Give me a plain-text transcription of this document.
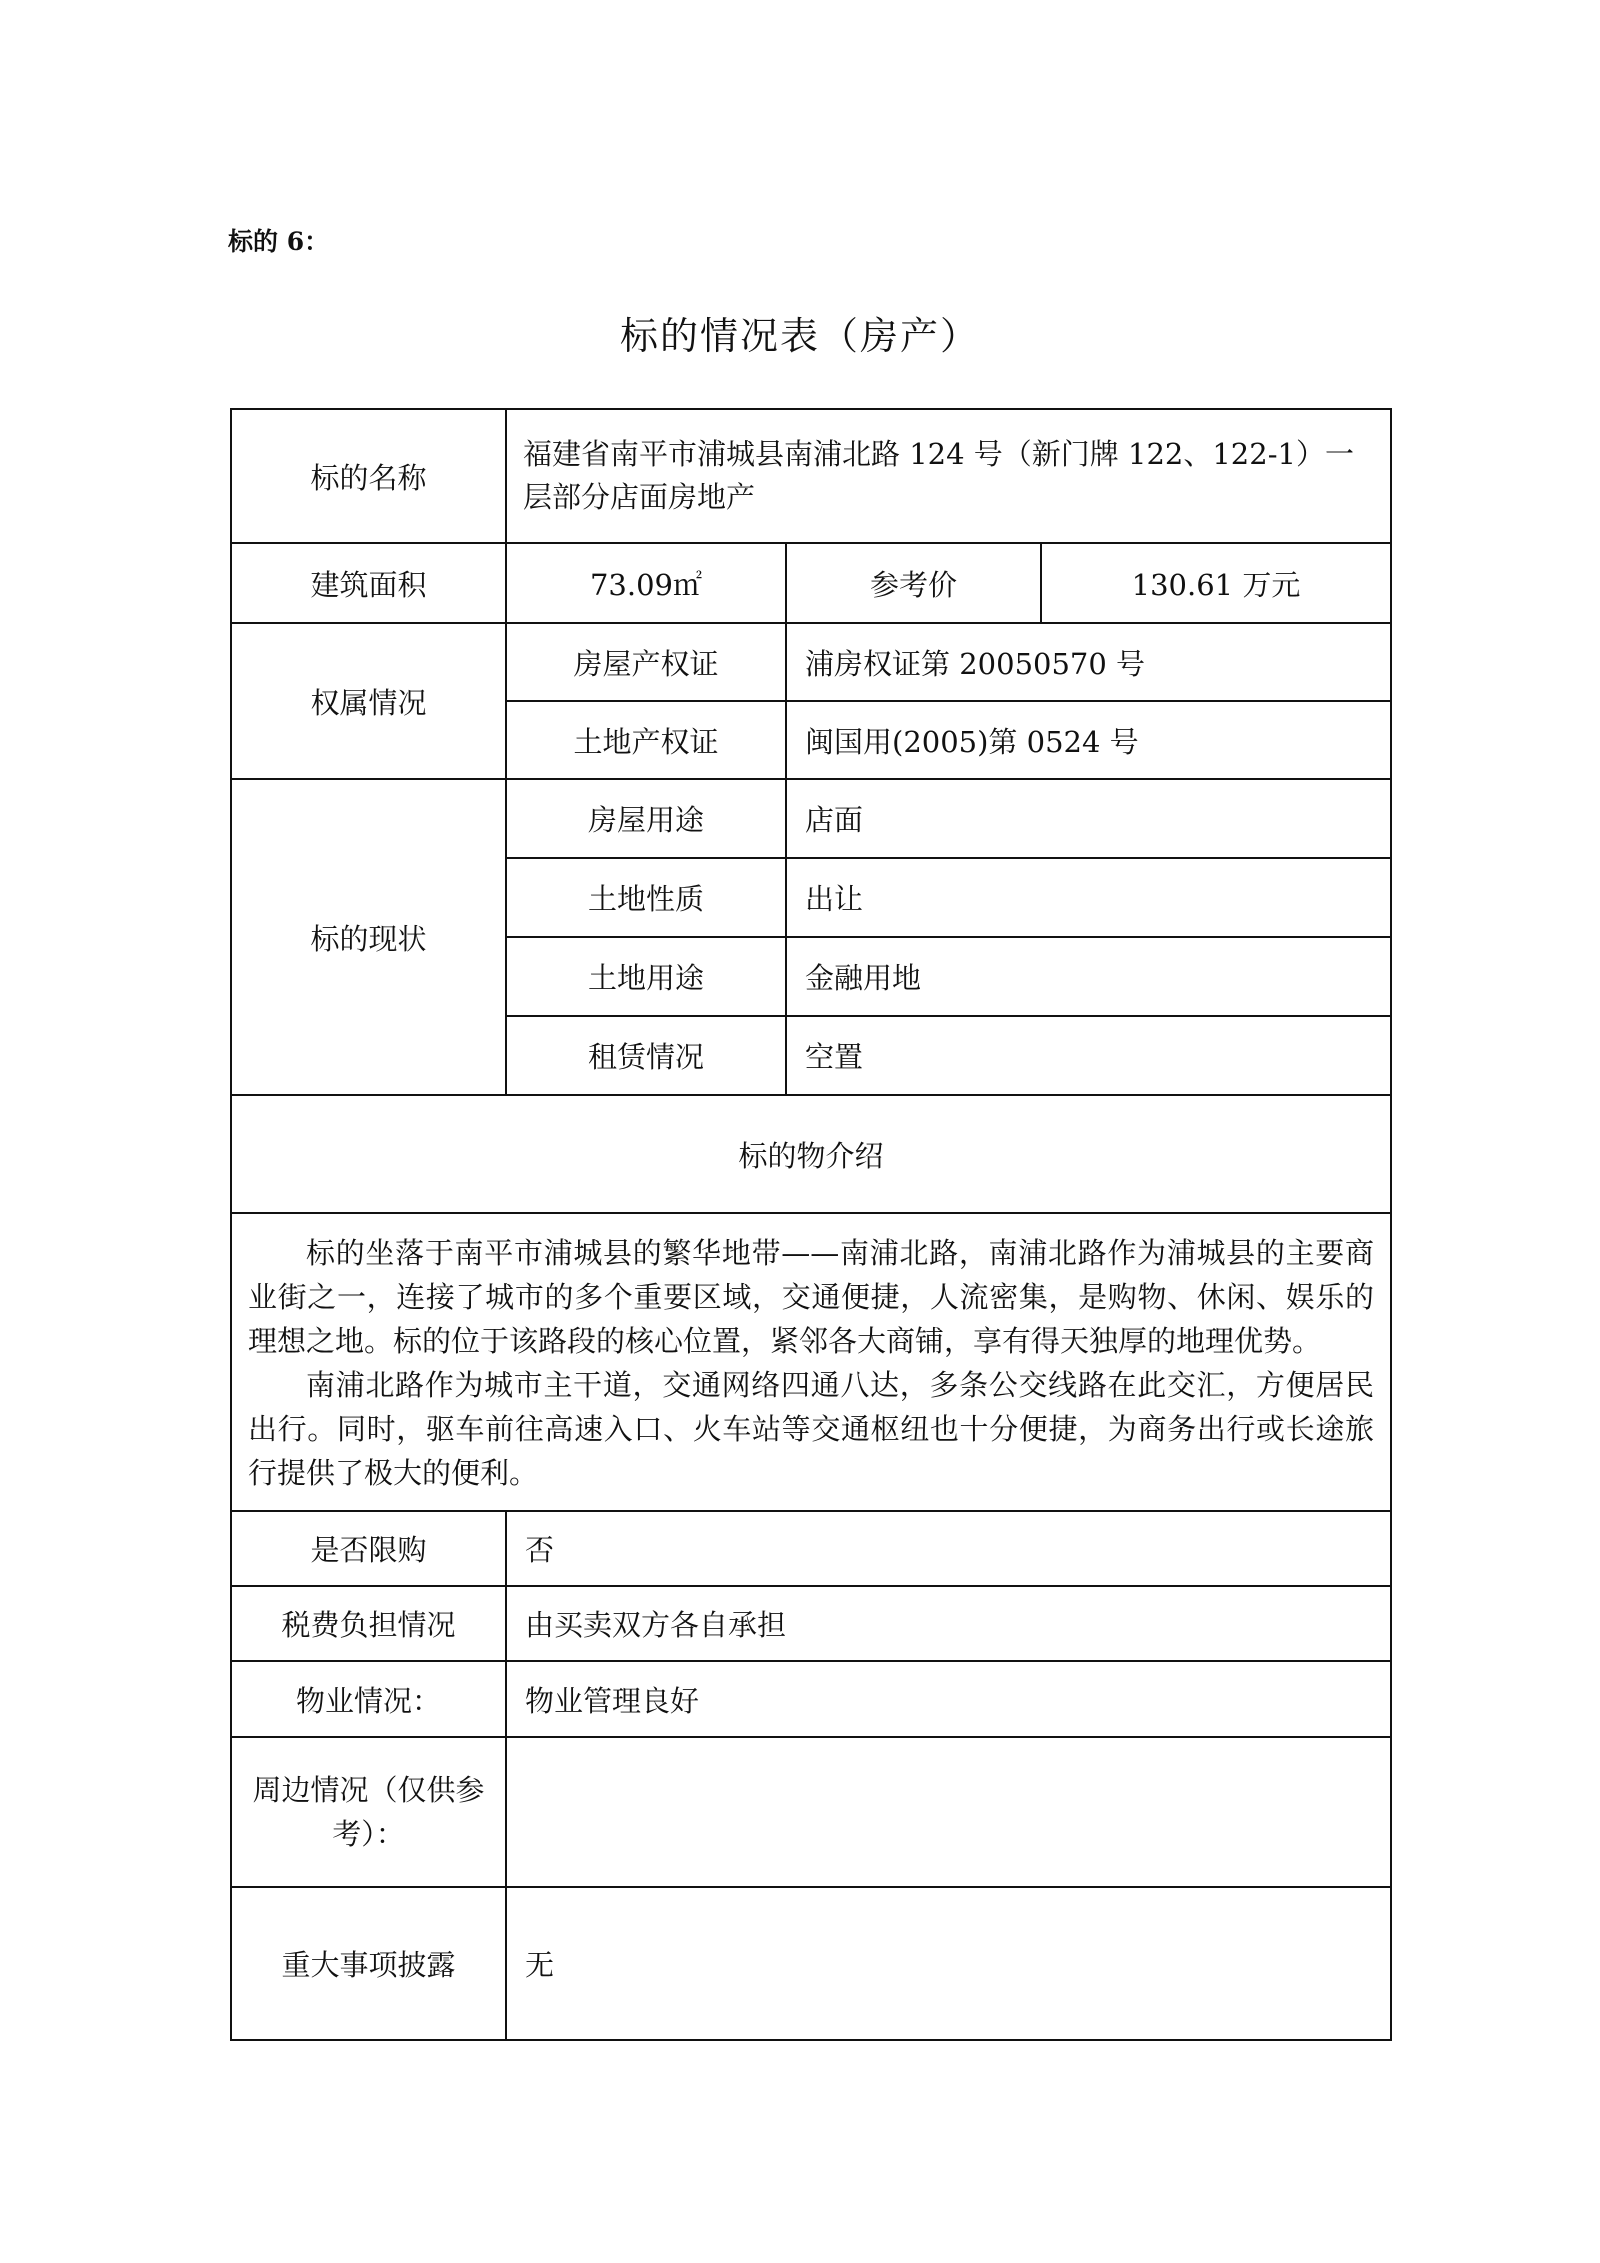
标的 6：
标的情况表（房产）
标的名称	福建省南平市浦城县南浦北路 124 号（新门牌 122、122-1）一层部分店面房地产		
建筑面积	73.09㎡	参考价	130.61 万元
权属情况	房屋产权证	浦房权证第 20050570 号	
	土地产权证	闽国用(2005)第 0524 号	
标的现状	房屋用途	店面	
	土地性质	出让	
	土地用途	金融用地	
	租赁情况	空置	
标的物介绍			

标的坐落于南平市浦城县的繁华地带——南浦北路，南浦北路作为浦城县的主要商业街之一，连接了城市的多个重要区域，交通便捷，人流密集，是购物、休闲、娱乐的理想之地。标的位于该路段的核心位置，紧邻各大商铺，享有得天独厚的地理优势。

南浦北路作为城市主干道，交通网络四通八达，多条公交线路在此交汇，方便居民出行。同时，驱车前往高速入口、火车站等交通枢纽也十分便捷，为商务出行或长途旅行提供了极大的便利。			

是否限购	否		
税费负担情况	由买卖双方各自承担		
物业情况：	物业管理良好		
周边情况（仅供参考）：			
重大事项披露	无		
